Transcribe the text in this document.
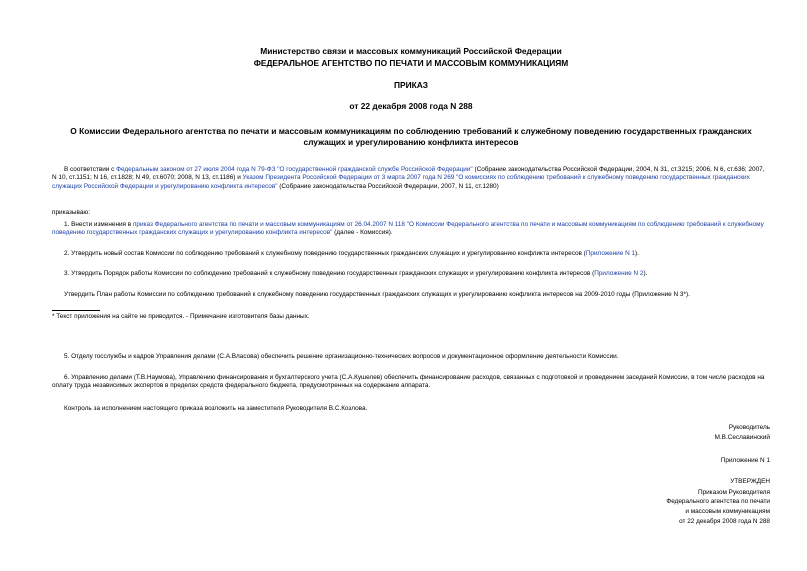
Министерство связи и массовых коммуникаций Российской Федерации
ФЕДЕРАЛЬНОЕ АГЕНТСТВО ПО ПЕЧАТИ И МАССОВЫМ КОММУНИКАЦИЯМ
ПРИКАЗ
от 22 декабря 2008 года N 288
О Комиссии Федерального агентства по печати и массовым коммуникациям по соблюдению требований к служебному поведению государственных гражданских служащих и урегулированию конфликта интересов
В соответствии с Федеральным законом от 27 июля 2004 года N 79-ФЗ "О государственной гражданской службе Российской Федерации" (Собрание законодательства Российской Федерации, 2004, N 31, ст.3215; 2006, N 6, ст.636; 2007, N 10, ст.1151; N 16, ст.1828; N 49, ст.6070; 2008, N 13, ст.1186) и Указом Президента Российской Федерации от 3 марта 2007 года N 269 "О комиссиях по соблюдению требований к служебному поведению государственных гражданских служащих Российской Федерации и урегулированию конфликта интересов" (Собрание законодательства Российской Федерации, 2007, N 11, ст.1280)
приказываю:
1. Внести изменения в приказ Федерального агентства по печати и массовым коммуникациям от 26.04.2007 N 118 "О Комиссии Федерального агентства по печати и массовым коммуникациям по соблюдению требований к служебному поведению государственных гражданских служащих и урегулированию конфликта интересов" (далее - Комиссия).
2. Утвердить новый состав Комиссии по соблюдению требований к служебному поведению государственных гражданских служащих и урегулированию конфликта интересов (Приложение N 1).
3. Утвердить Порядок работы Комиссии по соблюдению требований к служебному поведению государственных гражданских служащих и урегулированию конфликта интересов (Приложение N 2).
Утвердить План работы Комиссии по соблюдению требований к служебному поведению государственных гражданских служащих и урегулированию конфликта интересов на 2009-2010 годы (Приложение N 3*).
* Текст приложения на сайте не приводится. - Примечание изготовителя базы данных.
5. Отделу госслужбы и кадров Управления делами (С.А.Власова) обеспечить решение организационно-технических вопросов и документационное оформление деятельности Комиссии.
6. Управлению делами (Т.В.Наумова), Управлению финансирования и бухгалтерского учета (С.А.Кушелев) обеспечить финансирование расходов, связанных с подготовкой и проведением заседаний Комиссии, в том числе расходов на оплату труда независимых экспертов в пределах средств федерального бюджета, предусмотренных на содержание аппарата.
Контроль за исполнением настоящего приказа возложить на заместителя Руководителя В.С.Козлова.
Руководитель
М.В.Сеславинский
Приложение N 1
УТВЕРЖДЕН
Приказом Руководителя
Федерального агентства по печати
и массовым коммуникациям
от 22 декабря 2008 года N 288
